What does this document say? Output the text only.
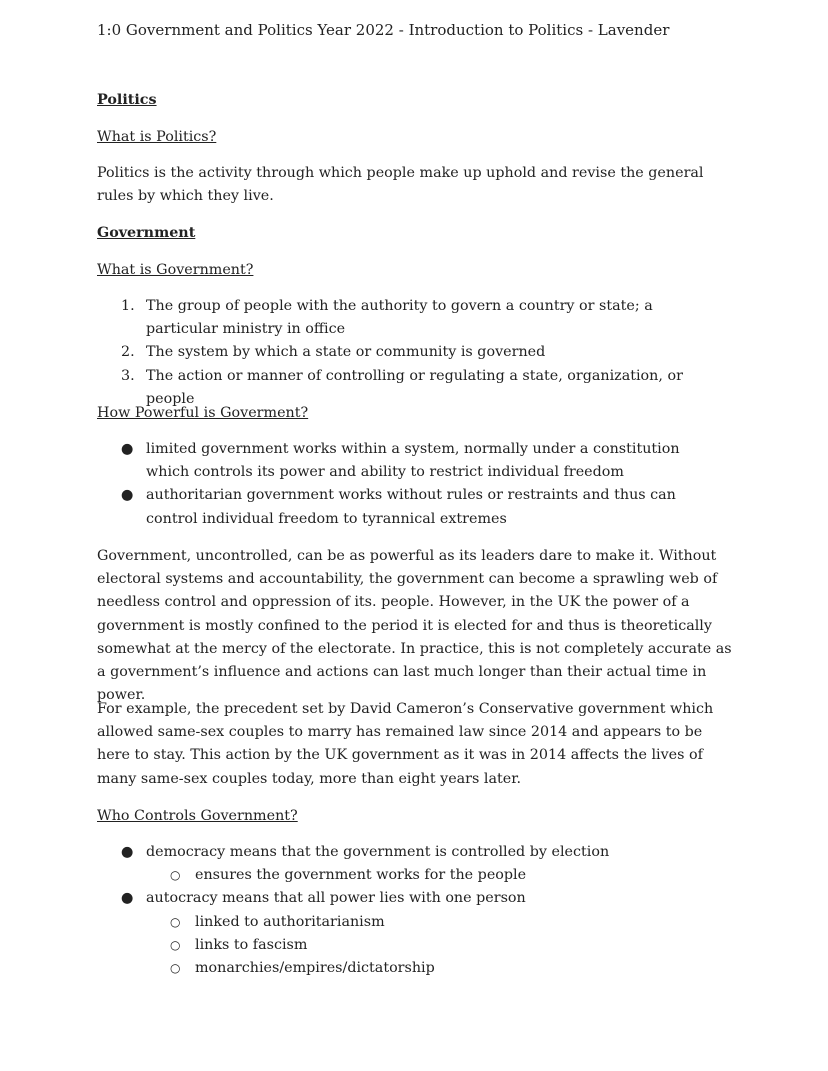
1:0 Government and Politics Year 2022 - Introduction to Politics - Lavender
Politics
What is Politics?

Politics is the activity through which people make up uphold and revise the general rules by which they live.

Government
What is Government?
1. The group of people with the authority to govern a country or state; a particular ministry in office
2. The system by which a state or community is governed
3. The action or manner of controlling or regulating a state, organization, or people
How Powerful is Goverment?
● limited government works within a system, normally under a constitution which controls its power and ability to restrict individual freedom
● authoritarian government works without rules or restraints and thus can control individual freedom to tyrannical extremes

Government, uncontrolled, can be as powerful as its leaders dare to make it. Without electoral systems and accountability, the government can become a sprawling web of needless control and oppression of its. people. However, in the UK the power of a government is mostly confined to the period it is elected for and thus is theoretically somewhat at the mercy of the electorate. In practice, this is not completely accurate as a government’s influence and actions can last much longer than their actual time in power.

For example, the precedent set by David Cameron’s Conservative government which allowed same-sex couples to marry has remained law since 2014 and appears to be here to stay. This action by the UK government as it was in 2014 affects the lives of many same-sex couples today, more than eight years later.

Who Controls Government?
● democracy means that the government is controlled by election
○ ensures the government works for the people
● autocracy means that all power lies with one person
○ linked to authoritarianism
○ links to fascism
○ monarchies/empires/dictatorship
